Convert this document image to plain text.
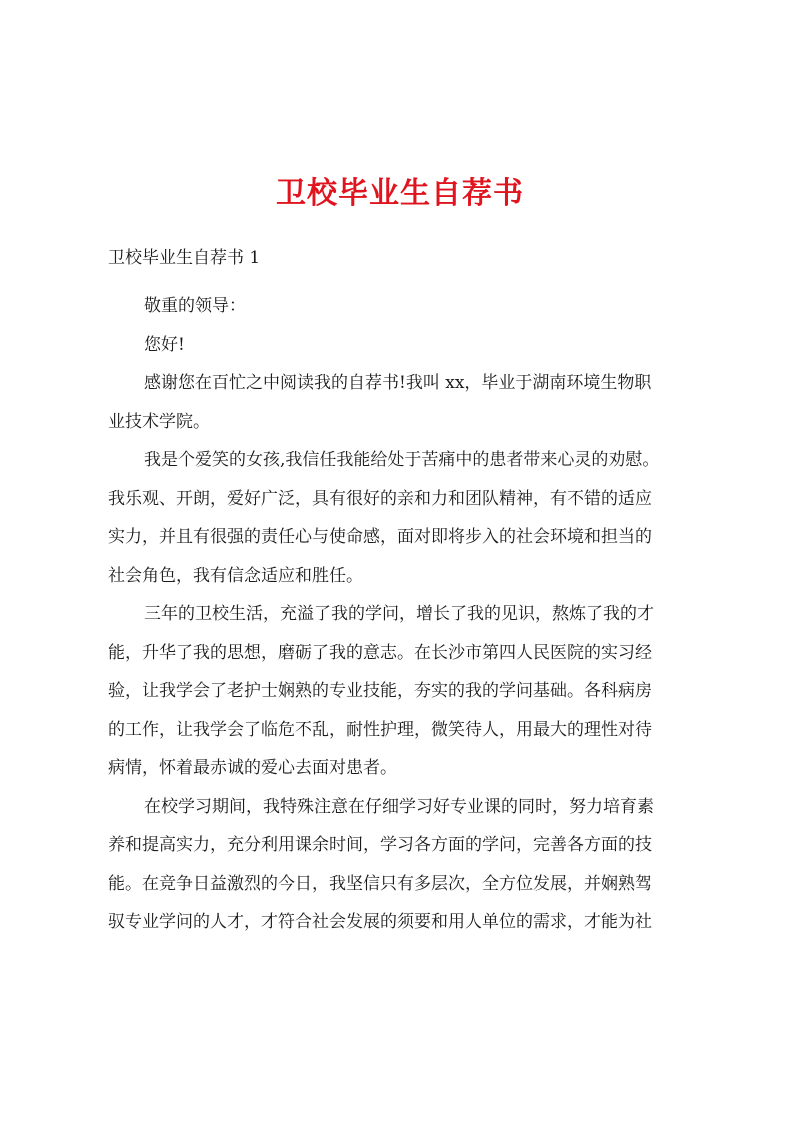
卫校毕业生自荐书
卫校毕业生自荐书 1
敬重的领导：
您好!
感谢您在百忙之中阅读我的自荐书!我叫 xx，毕业于湖南环境生物职
业技术学院。
我是个爱笑的女孩,我信任我能给处于苦痛中的患者带来心灵的劝慰。
我乐观、开朗，爱好广泛，具有很好的亲和力和团队精神，有不错的适应
实力，并且有很强的责任心与使命感，面对即将步入的社会环境和担当的
社会角色，我有信念适应和胜任。
三年的卫校生活，充溢了我的学问，增长了我的见识，熬炼了我的才
能，升华了我的思想，磨砺了我的意志。在长沙市第四人民医院的实习经
验，让我学会了老护士娴熟的专业技能，夯实的我的学问基础。各科病房
的工作，让我学会了临危不乱，耐性护理，微笑待人，用最大的理性对待
病情，怀着最赤诚的爱心去面对患者。
在校学习期间，我特殊注意在仔细学习好专业课的同时，努力培育素
养和提高实力，充分利用课余时间，学习各方面的学问，完善各方面的技
能。在竞争日益激烈的今日，我坚信只有多层次，全方位发展，并娴熟驾
驭专业学问的人才，才符合社会发展的须要和用人单位的需求，才能为社
